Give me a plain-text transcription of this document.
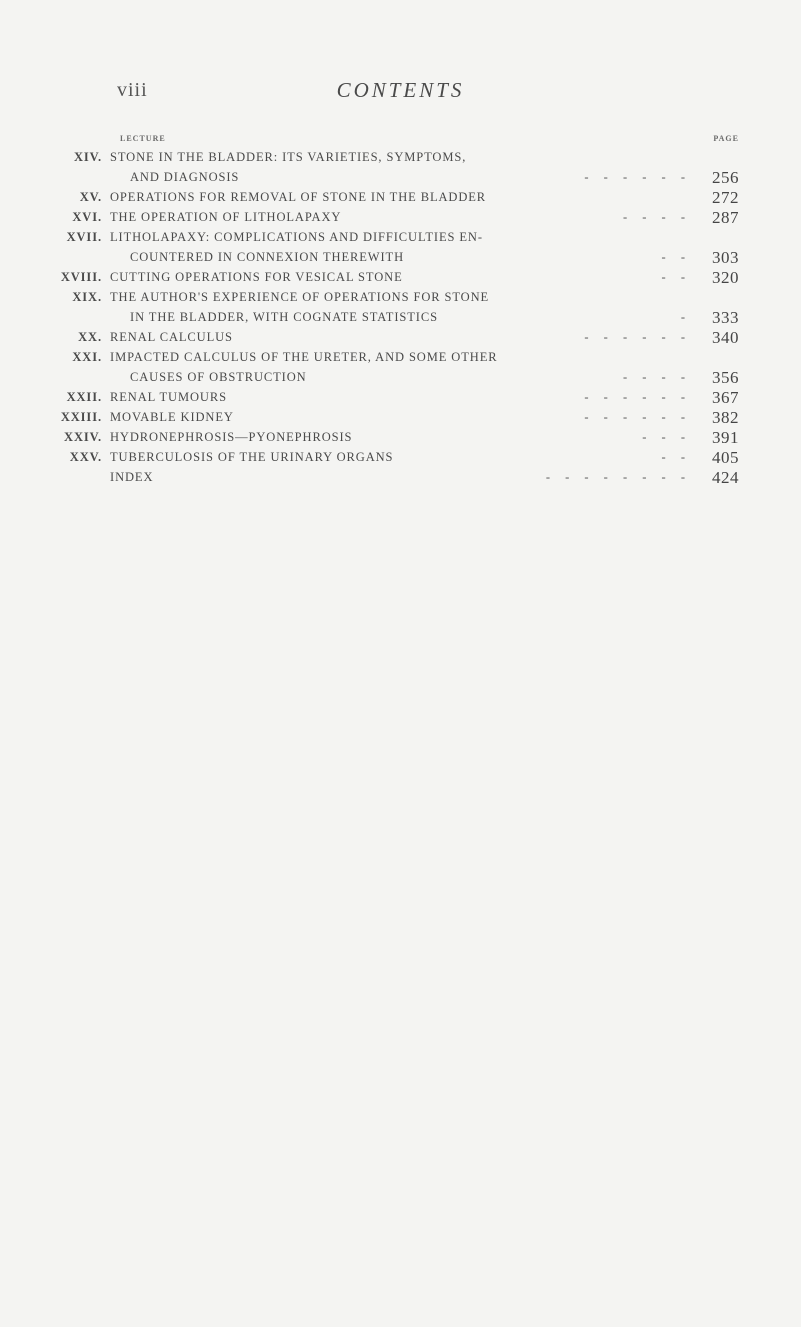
viii	CONTENTS
LECTURE	PAGE
XIV. STONE IN THE BLADDER: ITS VARIETIES, SYMPTOMS,
AND DIAGNOSIS	- - - - - - 256
XV. OPERATIONS FOR REMOVAL OF STONE IN THE BLADDER	272
XVI. THE OPERATION OF LITHOLAPAXY	- - - - 287
XVII. LITHOLAPAXY: COMPLICATIONS AND DIFFICULTIES EN-
COUNTERED IN CONNEXION THEREWITH	- - 303
XVIII. CUTTING OPERATIONS FOR VESICAL STONE	- - 320
XIX. THE AUTHOR'S EXPERIENCE OF OPERATIONS FOR STONE
IN THE BLADDER, WITH COGNATE STATISTICS	- 333
XX. RENAL CALCULUS	- - - - - - 340
XXI. IMPACTED CALCULUS OF THE URETER, AND SOME OTHER
CAUSES OF OBSTRUCTION	- - - - 356
XXII. RENAL TUMOURS	- - - - - - 367
XXIII. MOVABLE KIDNEY	- - - - - - 382
XXIV. HYDRONEPHROSIS—PYONEPHROSIS	- - - 391
XXV. TUBERCULOSIS OF THE URINARY ORGANS	- - 405
INDEX	- - - - - - - - 424
